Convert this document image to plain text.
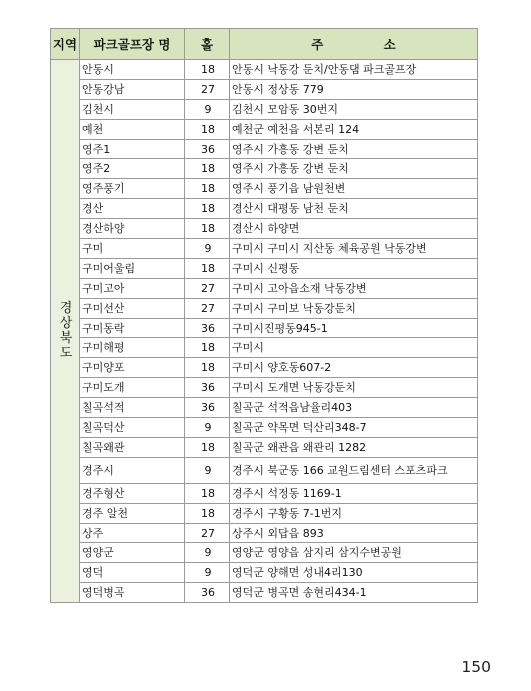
지역	파크골프장 명	홀	주 소

경
상
북
도	안동시	18	안동시 낙동강 둔치/안동댐 파크골프장
	안동강남	27	안동시 정상동 779
	김천시	9	김천시 모암동 30번지
	예천	18	예천군 예천읍 서본리 124
	영주1	36	영주시 가흥동 강변 둔치
	영주2	18	영주시 가흥동 강변 둔치
	영주풍기	18	영주시 풍기읍 남원천변
	경산	18	경산시 대평동 남천 둔치
	경산하양	18	경산시 하양면
	구미	9	구미시 구미시 지산동 체육공원 낙동강변
	구미어울림	18	구미시 신평동
	구미고아	27	구미시 고아읍소재 낙동강변
	구미선산	27	구미시 구미보 낙동강둔치
	구미동락	36	구미시진평동945-1
	구미해평	18	구미시
	구미양포	18	구미시 양호동607-2
	구미도개	36	구미시 도개면 낙동강둔치
	칠곡석적	36	칠곡군 석적읍남율리403
	칠곡덕산	9	칠곡군 약목면 덕산리348-7
	칠곡왜관	18	칠곡군 왜관읍 왜관리 1282
	경주시	9	경주시 북군동 166 교원드림센터 스포츠파크
	경주형산	18	경주시 석정동 1169-1
	경주 알천	18	경주시 구황동 7-1번지
	상주	27	상주시 외답읍 893
	영양군	9	영양군 영양읍 삼지리 삼지수변공원
	영덕	9	영덕군 양해면 성내4리130
	영덕병곡	36	영덕군 병곡면 송현리434-1
150
